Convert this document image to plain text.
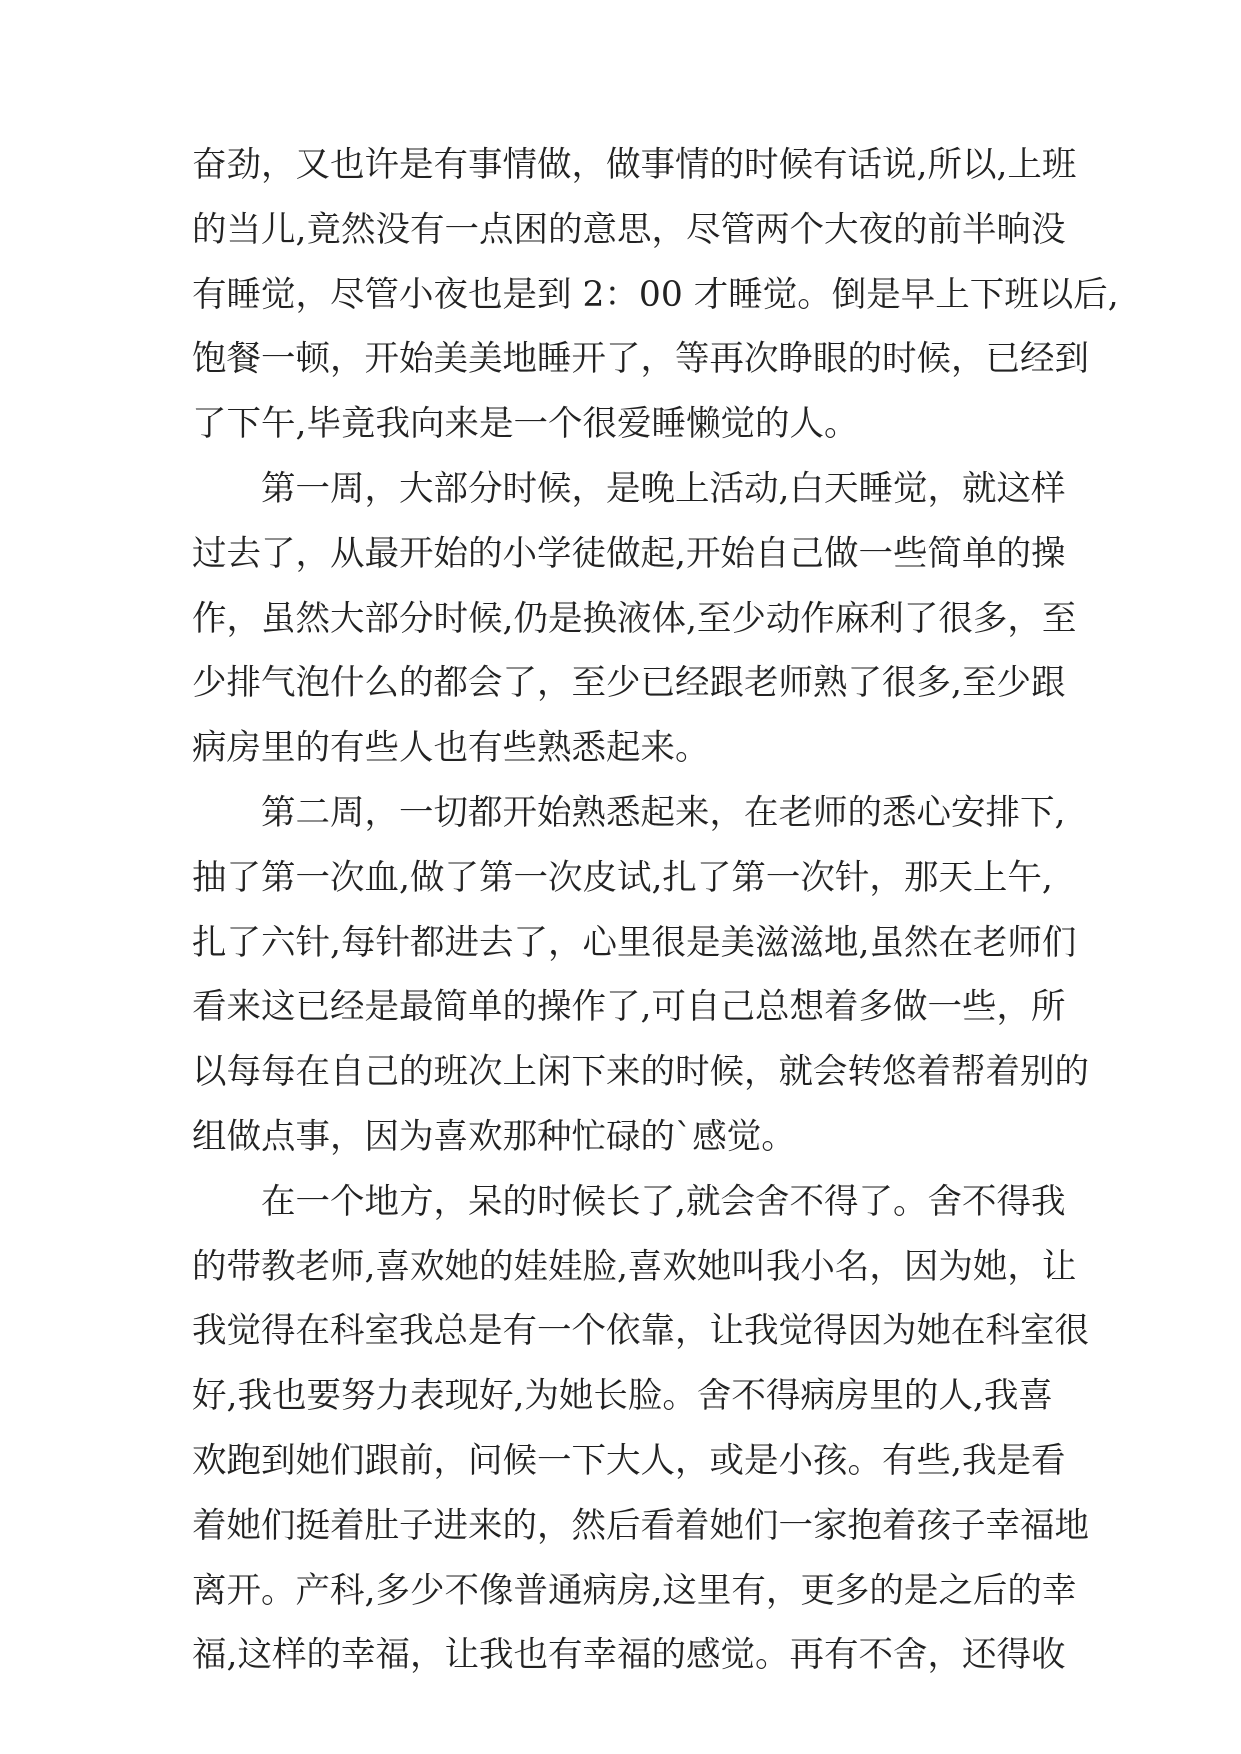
奋劲，又也许是有事情做，做事情的时候有话说,所以,上班
的当儿,竟然没有一点困的意思，尽管两个大夜的前半晌没
有睡觉，尽管小夜也是到 2：00 才睡觉。倒是早上下班以后,
饱餐一顿，开始美美地睡开了，等再次睁眼的时候，已经到
了下午,毕竟我向来是一个很爱睡懒觉的人。
　　第一周，大部分时候，是晚上活动,白天睡觉，就这样
过去了，从最开始的小学徒做起,开始自己做一些简单的操
作，虽然大部分时候,仍是换液体,至少动作麻利了很多，至
少排气泡什么的都会了，至少已经跟老师熟了很多,至少跟
病房里的有些人也有些熟悉起来。
　　第二周，一切都开始熟悉起来，在老师的悉心安排下,
抽了第一次血,做了第一次皮试,扎了第一次针，那天上午,
扎了六针,每针都进去了，心里很是美滋滋地,虽然在老师们
看来这已经是最简单的操作了,可自己总想着多做一些，所
以每每在自己的班次上闲下来的时候，就会转悠着帮着别的
组做点事，因为喜欢那种忙碌的`感觉。
　　在一个地方，呆的时候长了,就会舍不得了。舍不得我
的带教老师,喜欢她的娃娃脸,喜欢她叫我小名，因为她，让
我觉得在科室我总是有一个依靠，让我觉得因为她在科室很
好,我也要努力表现好,为她长脸。舍不得病房里的人,我喜
欢跑到她们跟前，问候一下大人，或是小孩。有些,我是看
着她们挺着肚子进来的，然后看着她们一家抱着孩子幸福地
离开。产科,多少不像普通病房,这里有，更多的是之后的幸
福,这样的幸福，让我也有幸福的感觉。再有不舍，还得收
